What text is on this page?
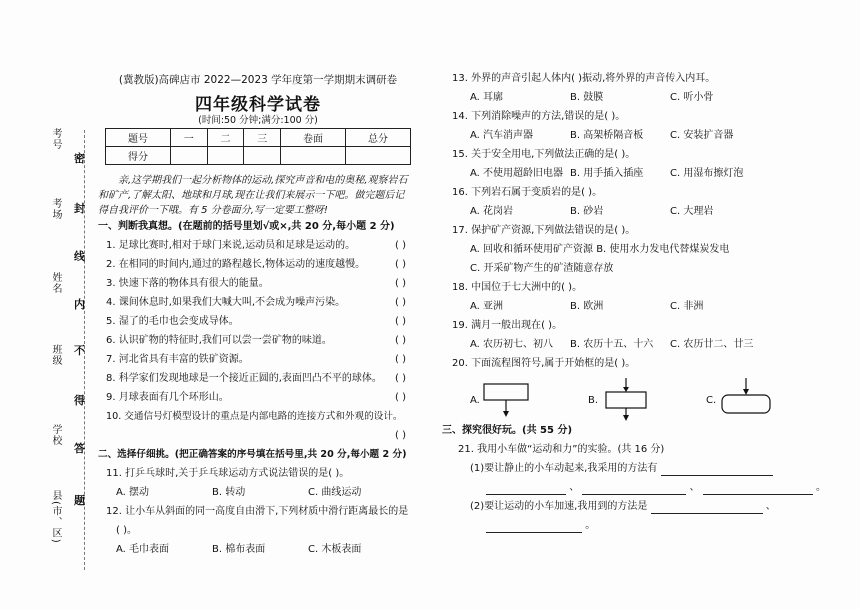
考号
考场
姓名
班级
学校
县(市、区)
密
封
线
内
不
得
答
题
(冀教版)高碑店市 2022—2023 学年度第一学期期末调研卷
四年级科学试卷
(时间:50 分钟;满分:100 分)
题号	一	二	三	卷面	总分
得分					
亲,这学期我们一起分析物体的运动,探究声音和电的奥秘,观察岩石和矿产,了解太阳、地球和月球,现在让我们来展示一下吧。做完题后记得自我评价一下哦。有 5 分卷面分,写一定要工整呀!
一、判断我真想。(在题前的括号里划√或×,共 20 分,每小题 2 分)
1. 足球比赛时,相对于球门来说,运动员和足球是运动的。	( )
2. 在相同的时间内,通过的路程越长,物体运动的速度越慢。	( )
3. 快速下落的物体具有很大的能量。	( )
4. 课间休息时,如果我们大喊大叫,不会成为噪声污染。	( )
5. 湿了的毛巾也会变成导体。	( )
6. 认识矿物的特征时,我们可以尝一尝矿物的味道。	( )
7. 河北省具有丰富的铁矿资源。	( )
8. 科学家们发现地球是一个接近正圆的,表面凹凸不平的球体。 ( )
9. 月球表面有几个环形山。	( )
10. 交通信号灯模型设计的重点是内部电路的连接方式和外观的设计。
( )
二、选择仔细挑。(把正确答案的序号填在括号里,共 20 分,每小题 2 分)
11. 打乒乓球时,关于乒乓球运动方式说法错误的是( )。
A. 摆动	B. 转动	C. 曲线运动
12. 让小车从斜面的同一高度自由滑下,下列材质中滑行距离最长的是
( )。
A. 毛巾表面	B. 棉布表面	C. 木板表面
13. 外界的声音引起人体内( )振动,将外界的声音传入内耳。
A. 耳廓	B. 鼓膜	C. 听小骨
14. 下列消除噪声的方法,错误的是( )。
A. 汽车消声器	B. 高架桥隔音板	C. 安装扩音器
15. 关于安全用电,下列做法正确的是( )。
A. 不使用超龄旧电器 B. 用手插入插座	C. 用湿布擦灯泡
16. 下列岩石属于变质岩的是( )。
A. 花岗岩	B. 砂岩	C. 大理岩
17. 保护矿产资源,下列做法错误的是( )。
A. 回收和循环使用矿产资源 B. 使用水力发电代替煤炭发电
C. 开采矿物产生的矿渣随意存放
18. 中国位于七大洲中的( )。
A. 亚洲	B. 欧洲	C. 非洲
19. 满月一般出现在( )。
A. 农历初七、初八	B. 农历十五、十六	C. 农历廿二、廿三
20. 下面流程图符号,属于开始框的是( )。
A.	B.	C.
三、探究很好玩。(共 55 分)
21. 我用小车做“运动和力”的实验。(共 16 分)
(1)要让静止的小车动起来,我采用的方法有
、	、	。
(2)要让运动的小车加速,我用到的方法是	、
。
